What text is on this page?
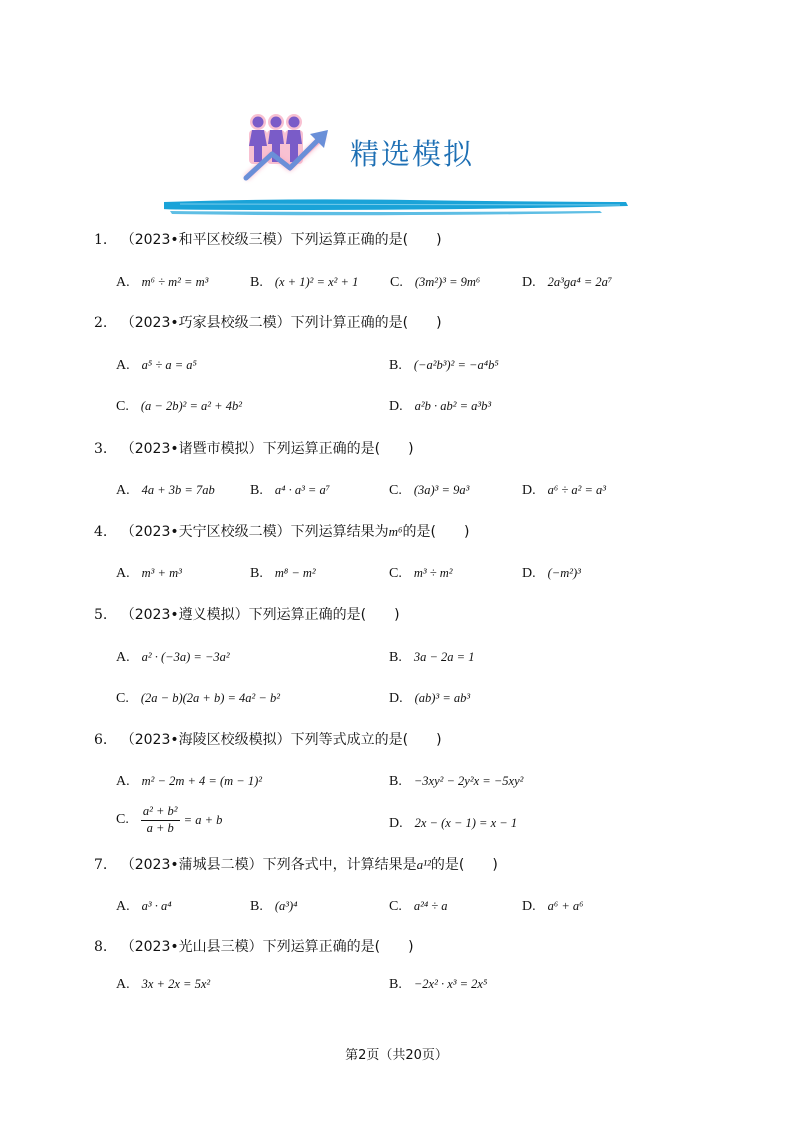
精选模拟
1. （2023•和平区校级三模）下列运算正确的是(　　)
A. m⁶ ÷ m² = m³	B. (x + 1)² = x² + 1 C. (3m²)³ = 9m⁶	D. 2a³ga⁴ = 2a⁷
2. （2023•巧家县校级二模）下列计算正确的是(　　)
A. a⁵ ÷ a = a⁵	B. (−a²b³)² = −a⁴b⁵
C. (a − 2b)² = a² + 4b²	D. a²b · ab² = a³b³
3. （2023•诸暨市模拟）下列运算正确的是(　　)
A. 4a + 3b = 7ab	B. a⁴ · a³ = a⁷	C. (3a)³ = 9a³	D. a⁶ ÷ a² = a³
4. （2023•天宁区校级二模）下列运算结果为m⁶的是(　　)
A. m³ + m³	B. m⁸ − m²	C. m³ ÷ m²	D. (−m²)³
5. （2023•遵义模拟）下列运算正确的是(　　)
A. a² · (−3a) = −3a²	B. 3a − 2a = 1
C. (2a − b)(2a + b) = 4a² − b²	D. (ab)³ = ab³
6. （2023•海陵区校级模拟）下列等式成立的是(　　)
A. m² − 2m + 4 = (m − 1)²	B. −3xy² − 2y²x = −5xy²
C. $\frac{\text{a² + b²}}{a + b} = a + b$	D. 2x − (x − 1) = x − 1
7. （2023•蒲城县二模）下列各式中，计算结果是a¹²的是(　　)
A. a³ · a⁴	B. (a³)⁴	C. a²⁴ ÷ a	D. a⁶ + a⁶
8. （2023•光山县三模）下列运算正确的是(　　)
A. 3x + 2x = 5x²	B. −2x² · x³ = 2x⁵
第2页（共20页）
